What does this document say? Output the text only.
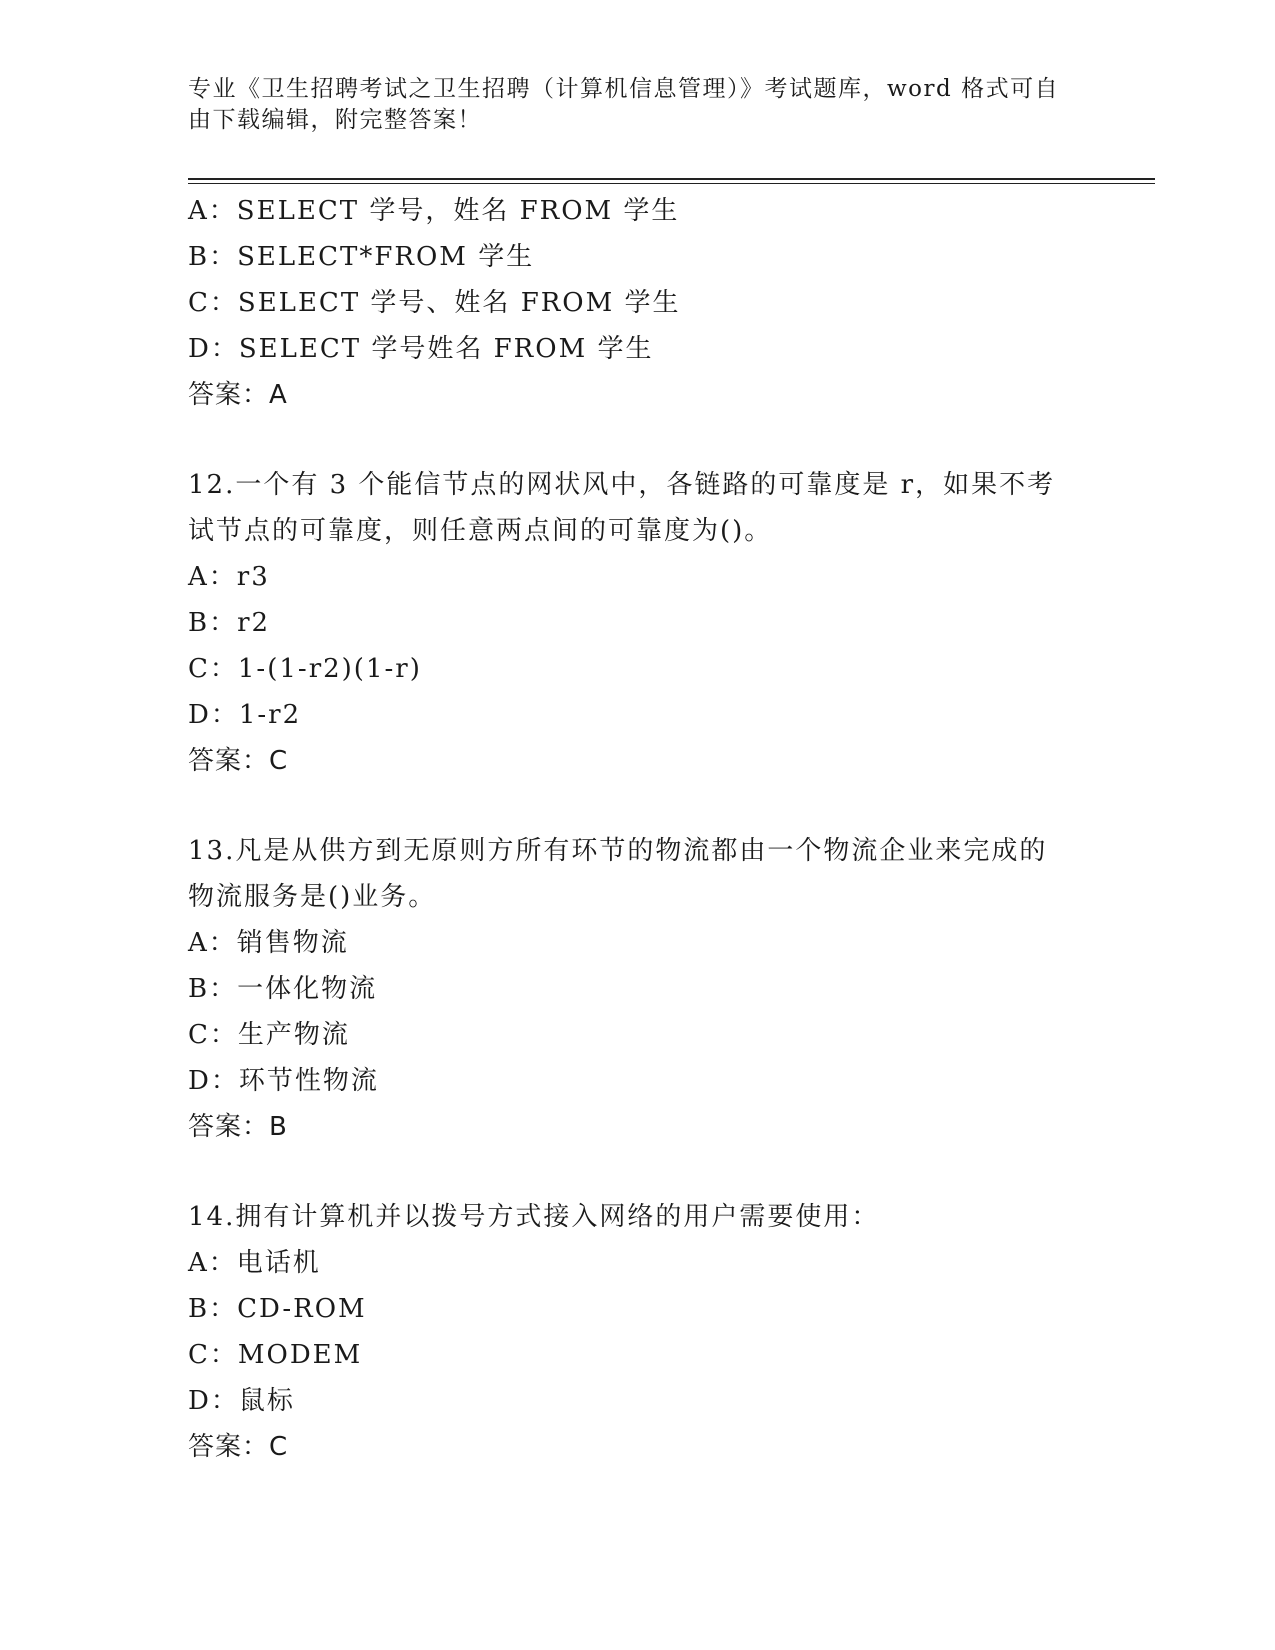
专业《卫生招聘考试之卫生招聘（计算机信息管理）》考试题库，word 格式可自
由下载编辑，附完整答案！
A：SELECT 学号，姓名 FROM 学生
B：SELECT*FROM 学生
C：SELECT 学号、姓名 FROM 学生
D：SELECT 学号姓名 FROM 学生
答案：A
12.一个有 3 个能信节点的网状风中，各链路的可靠度是 r，如果不考
试节点的可靠度，则任意两点间的可靠度为()。
A：r3
B：r2
C：1-(1-r2)(1-r)
D：1-r2
答案：C
13.凡是从供方到无原则方所有环节的物流都由一个物流企业来完成的
物流服务是()业务。
A：销售物流
B：一体化物流
C：生产物流
D：环节性物流
答案：B
14.拥有计算机并以拨号方式接入网络的用户需要使用：
A：电话机
B：CD-ROM
C：MODEM
D：鼠标
答案：C
